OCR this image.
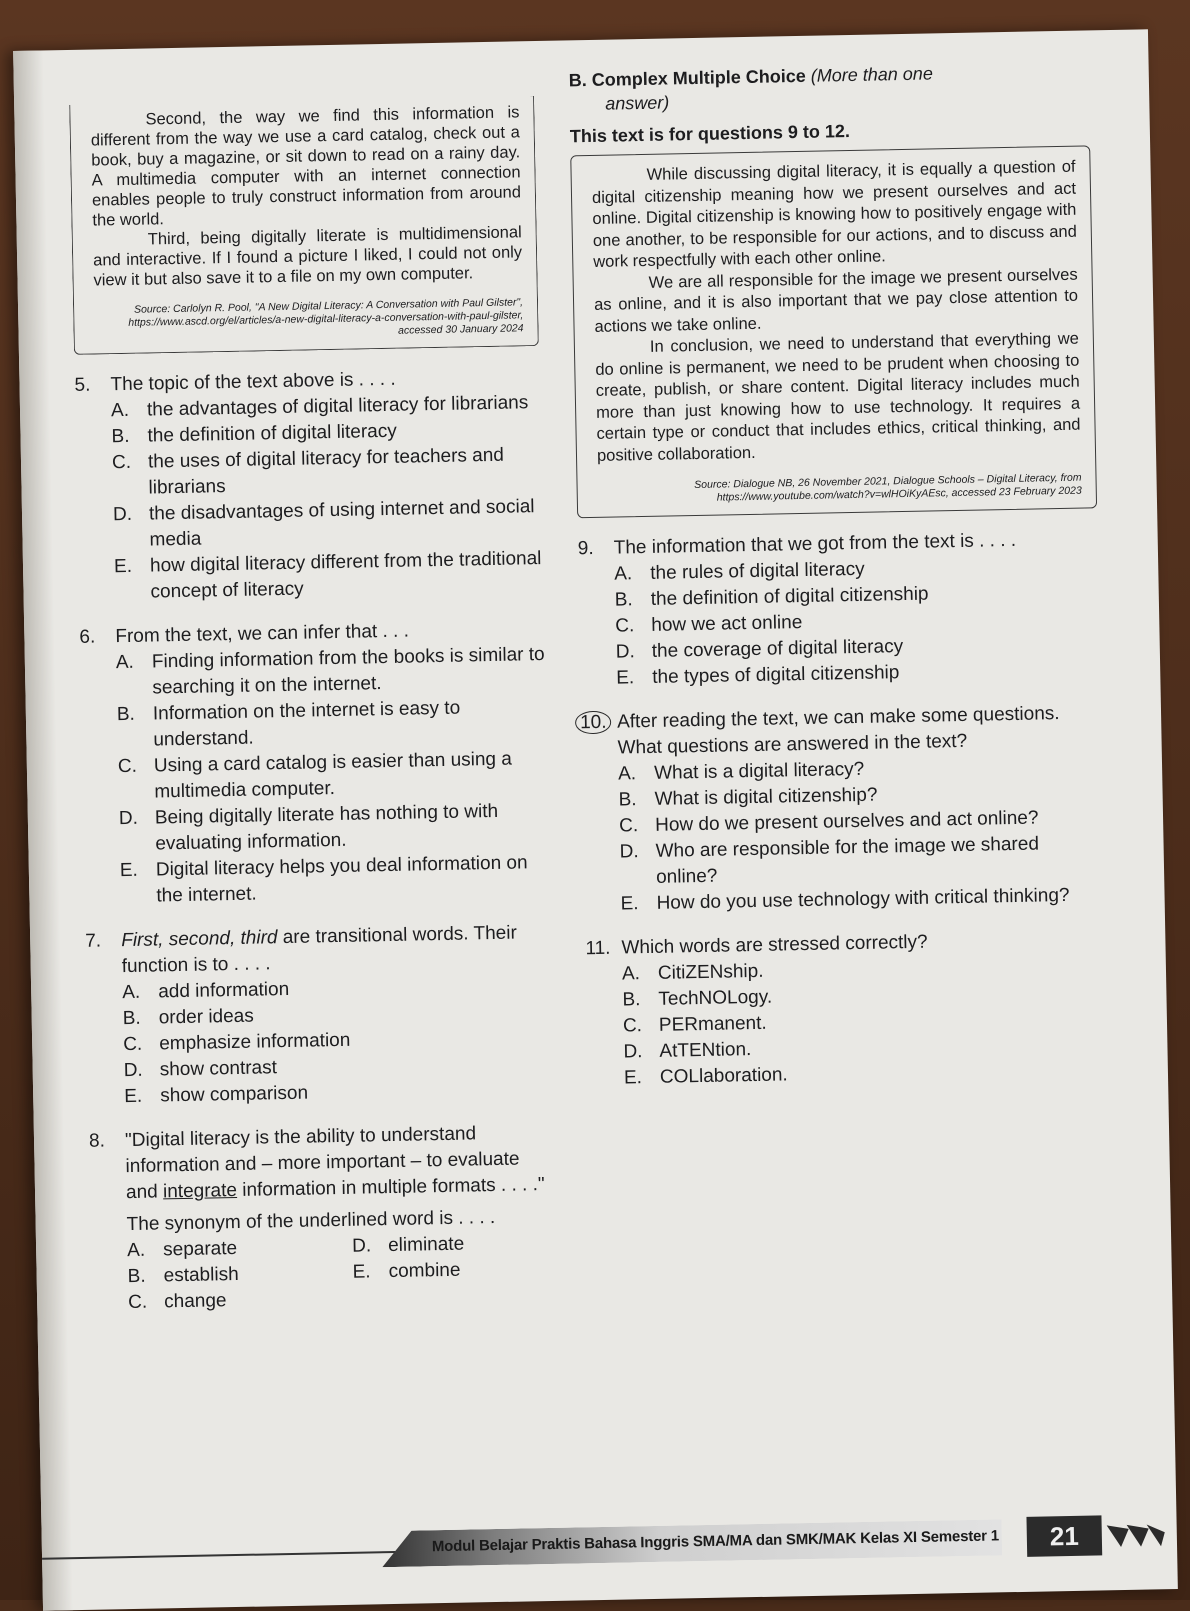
Second, the way we find this information is different from the way we use a card catalog, check out a book, buy a magazine, or sit down to read on a rainy day. A multimedia computer with an internet connection enables people to truly construct information from around the world.

Third, being digitally literate is multidimensional and interactive. If I found a picture I liked, I could not only view it but also save it to a file on my own computer.

Source: Carlolyn R. Pool, "A New Digital Literacy: A Conversation with Paul Gilster", https://www.ascd.org/el/articles/a-new-digital-literacy-a-conversation-with-paul-gilster, accessed 30 January 2024
5.	The topic of the text above is . . . .
A. the advantages of digital literacy for librarians
B. the definition of digital literacy
C. the uses of digital literacy for teachers and librarians
D. the disadvantages of using internet and social media
E. how digital literacy different from the traditional concept of literacy
6.	From the text, we can infer that . . .
A. Finding information from the books is similar to searching it on the internet.
B. Information on the internet is easy to understand.
C. Using a card catalog is easier than using a multimedia computer.
D. Being digitally literate has nothing to with evaluating information.
E. Digital literacy helps you deal information on the internet.
7.	First, second, third are transitional words. Their function is to . . . .
A. add information
B. order ideas
C. emphasize information
D. show contrast
E. show comparison
8.	"Digital literacy is the ability to understand information and – more important – to evaluate and integrate information in multiple formats . . . ."
The synonym of the underlined word is . . . .
A. separate	D. eliminate
B. establish	E. combine
C. change
B. Complex Multiple Choice (More than one
answer)
This text is for questions 9 to 12.

While discussing digital literacy, it is equally a question of digital citizenship meaning how we present ourselves and act online. Digital citizenship is knowing how to positively engage with one another, to be responsible for our actions, and to discuss and work respectfully with each other online.

We are all responsible for the image we present ourselves as online, and it is also important that we pay close attention to actions we take online.

In conclusion, we need to understand that everything we do online is permanent, we need to be prudent when choosing to create, publish, or share content. Digital literacy includes much more than just knowing how to use technology. It requires a certain type or conduct that includes ethics, critical thinking, and positive collaboration.

Source: Dialogue NB, 26 November 2021, Dialogue Schools – Digital Literacy, from https://www.youtube.com/watch?v=wlHOiKyAEsc, accessed 23 February 2023
9.	The information that we got from the text is . . . .
A. the rules of digital literacy
B. the definition of digital citizenship
C. how we act online
D. the coverage of digital literacy
E. the types of digital citizenship
10. After reading the text, we can make some questions. What questions are answered in the text?
A. What is a digital literacy?
B. What is digital citizenship?
C. How do we present ourselves and act online?
D. Who are responsible for the image we shared online?
E. How do you use technology with critical thinking?
11. Which words are stressed correctly?
A. CitiZENship.
B. TechNOLogy.
C. PERmanent.
D. AtTENtion.
E. COLlaboration.
Modul Belajar Praktis Bahasa Inggris SMA/MA dan SMK/MAK Kelas XI Semester 1	21
